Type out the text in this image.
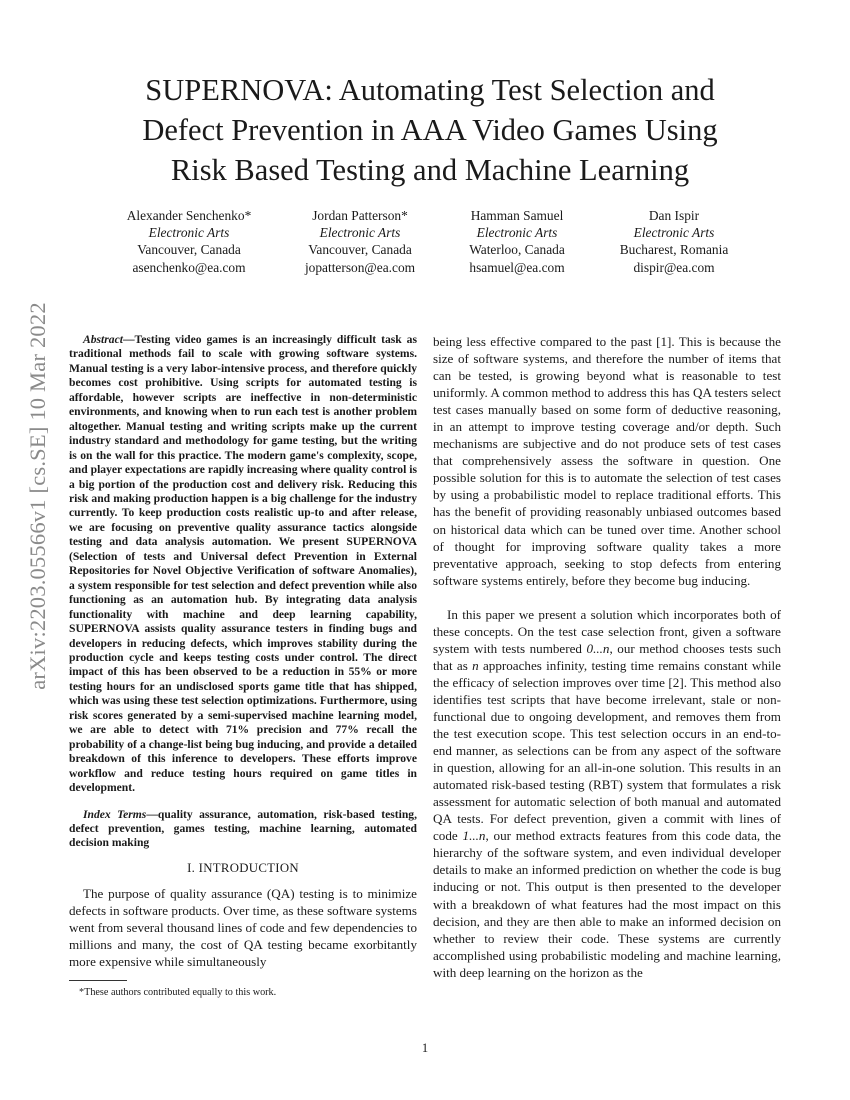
arXiv:2203.05566v1 [cs.SE] 10 Mar 2022
SUPERNOVA: Automating Test Selection and
Defect Prevention in AAA Video Games Using
Risk Based Testing and Machine Learning
Alexander Senchenko*
Electronic Arts
Vancouver, Canada
asenchenko@ea.com
Jordan Patterson*
Electronic Arts
Vancouver, Canada
jopatterson@ea.com
Hamman Samuel
Electronic Arts
Waterloo, Canada
hsamuel@ea.com
Dan Ispir
Electronic Arts
Bucharest, Romania
dispir@ea.com

Abstract—Testing video games is an increasingly difficult task as traditional methods fail to scale with growing software systems. Manual testing is a very labor-intensive process, and therefore quickly becomes cost prohibitive. Using scripts for automated testing is affordable, however scripts are ineffective in non-deterministic environments, and knowing when to run each test is another problem altogether. Manual testing and writing scripts make up the current industry standard and methodology for game testing, but the writing is on the wall for this practice. The modern game's complexity, scope, and player expectations are rapidly increasing where quality control is a big portion of the production cost and delivery risk. Reducing this risk and making production happen is a big challenge for the industry currently. To keep production costs realistic up-to and after release, we are focusing on preventive quality assurance tactics alongside testing and data analysis automation. We present SUPERNOVA (Selection of tests and Universal defect Prevention in External Repositories for Novel Objective Verification of software Anomalies), a system responsible for test selection and defect prevention while also functioning as an automation hub. By integrating data analysis functionality with machine and deep learning capability, SUPERNOVA assists quality assurance testers in finding bugs and developers in reducing defects, which improves stability during the production cycle and keeps testing costs under control. The direct impact of this has been observed to be a reduction in 55% or more testing hours for an undisclosed sports game title that has shipped, which was using these test selection optimizations. Furthermore, using risk scores generated by a semi-supervised machine learning model, we are able to detect with 71% precision and 77% recall the probability of a change-list being bug inducing, and provide a detailed breakdown of this inference to developers. These efforts improve workflow and reduce testing hours required on game titles in development.

Index Terms—quality assurance, automation, risk-based testing, defect prevention, games testing, machine learning, automated decision making

I. INTRODUCTION

The purpose of quality assurance (QA) testing is to minimize defects in software products. Over time, as these software systems went from several thousand lines of code and few dependencies to millions and many, the cost of QA testing became exorbitantly more expensive while simultaneously

being less effective compared to the past [1]. This is because the size of software systems, and therefore the number of items that can be tested, is growing beyond what is reasonable to test uniformly. A common method to address this has QA testers select test cases manually based on some form of deductive reasoning, in an attempt to improve testing coverage and/or depth. Such mechanisms are subjective and do not produce sets of test cases that comprehensively assess the software in question. One possible solution for this is to automate the selection of test cases by using a probabilistic model to replace traditional efforts. This has the benefit of providing reasonably unbiased outcomes based on historical data which can be tuned over time. Another school of thought for improving software quality takes a more preventative approach, seeking to stop defects from entering software systems entirely, before they become bug inducing.

In this paper we present a solution which incorporates both of these concepts. On the test case selection front, given a software system with tests numbered 0...n, our method chooses tests such that as n approaches infinity, testing time remains constant while the efficacy of selection improves over time [2]. This method also identifies test scripts that have become irrelevant, stale or non-functional due to ongoing development, and removes them from the test execution scope. This test selection occurs in an end-to-end manner, as selections can be from any aspect of the software in question, allowing for an all-in-one solution. This results in an automated risk-based testing (RBT) system that formulates a risk assessment for automatic selection of both manual and automated QA tests. For defect prevention, given a commit with lines of code 1...n, our method extracts features from this code data, the hierarchy of the software system, and even individual developer details to make an informed prediction on whether the code is bug inducing or not. This output is then presented to the developer with a breakdown of what features had the most impact on this decision, and they are then able to make an informed decision on whether to review their code. These systems are currently accomplished using probabilistic modeling and machine learning, with deep learning on the horizon as the

*These authors contributed equally to this work.
1
